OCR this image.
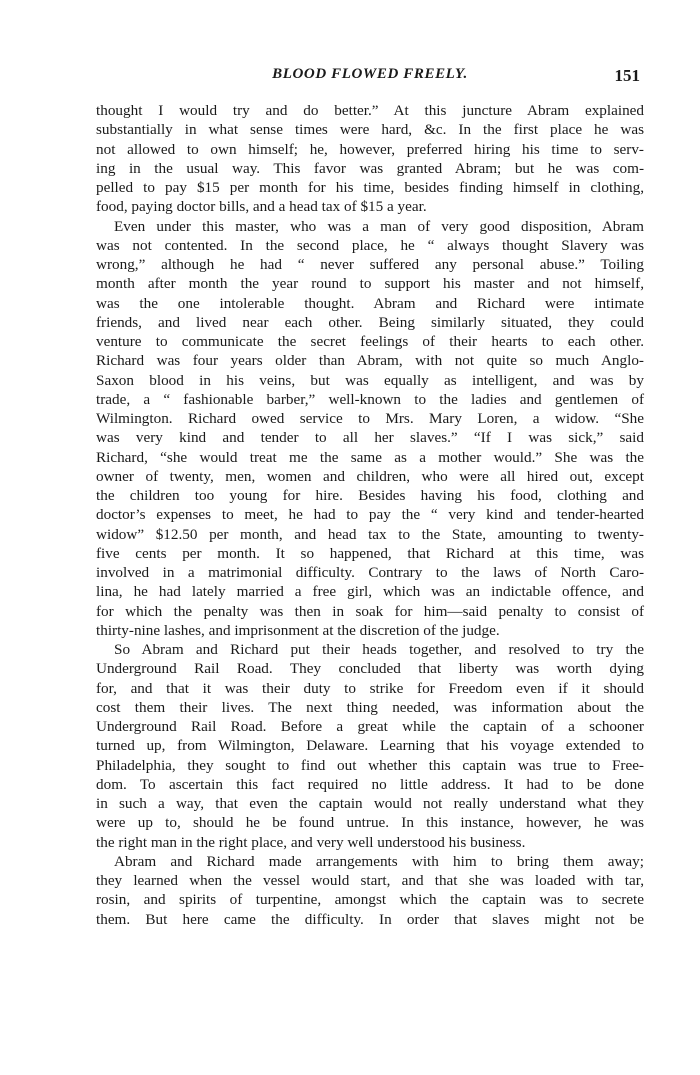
BLOOD FLOWED FREELY.	151
thought I would try and do better.” At this juncture Abram explained
substantially in what sense times were hard, &c. In the first place he was
not allowed to own himself; he, however, preferred hiring his time to serv-
ing in the usual way. This favor was granted Abram; but he was com-
pelled to pay $15 per month for his time, besides finding himself in clothing,
food, paying doctor bills, and a head tax of $15 a year.
Even under this master, who was a man of very good disposition, Abram
was not contented. In the second place, he “ always thought Slavery was
wrong,” although he had “ never suffered any personal abuse.” Toiling
month after month the year round to support his master and not himself,
was the one intolerable thought. Abram and Richard were intimate
friends, and lived near each other. Being similarly situated, they could
venture to communicate the secret feelings of their hearts to each other.
Richard was four years older than Abram, with not quite so much Anglo-
Saxon blood in his veins, but was equally as intelligent, and was by
trade, a “ fashionable barber,” well-known to the ladies and gentlemen of
Wilmington. Richard owed service to Mrs. Mary Loren, a widow. “She
was very kind and tender to all her slaves.” “If I was sick,” said
Richard, “she would treat me the same as a mother would.” She was the
owner of twenty, men, women and children, who were all hired out, except
the children too young for hire. Besides having his food, clothing and
doctor’s expenses to meet, he had to pay the “ very kind and tender-hearted
widow” $12.50 per month, and head tax to the State, amounting to twenty-
five cents per month. It so happened, that Richard at this time, was
involved in a matrimonial difficulty. Contrary to the laws of North Caro-
lina, he had lately married a free girl, which was an indictable offence, and
for which the penalty was then in soak for him—said penalty to consist of
thirty-nine lashes, and imprisonment at the discretion of the judge.
So Abram and Richard put their heads together, and resolved to try the
Underground Rail Road. They concluded that liberty was worth dying
for, and that it was their duty to strike for Freedom even if it should
cost them their lives. The next thing needed, was information about the
Underground Rail Road. Before a great while the captain of a schooner
turned up, from Wilmington, Delaware. Learning that his voyage extended to
Philadelphia, they sought to find out whether this captain was true to Free-
dom. To ascertain this fact required no little address. It had to be done
in such a way, that even the captain would not really understand what they
were up to, should he be found untrue. In this instance, however, he was
the right man in the right place, and very well understood his business.
Abram and Richard made arrangements with him to bring them away;
they learned when the vessel would start, and that she was loaded with tar,
rosin, and spirits of turpentine, amongst which the captain was to secrete
them. But here came the difficulty. In order that slaves might not be
